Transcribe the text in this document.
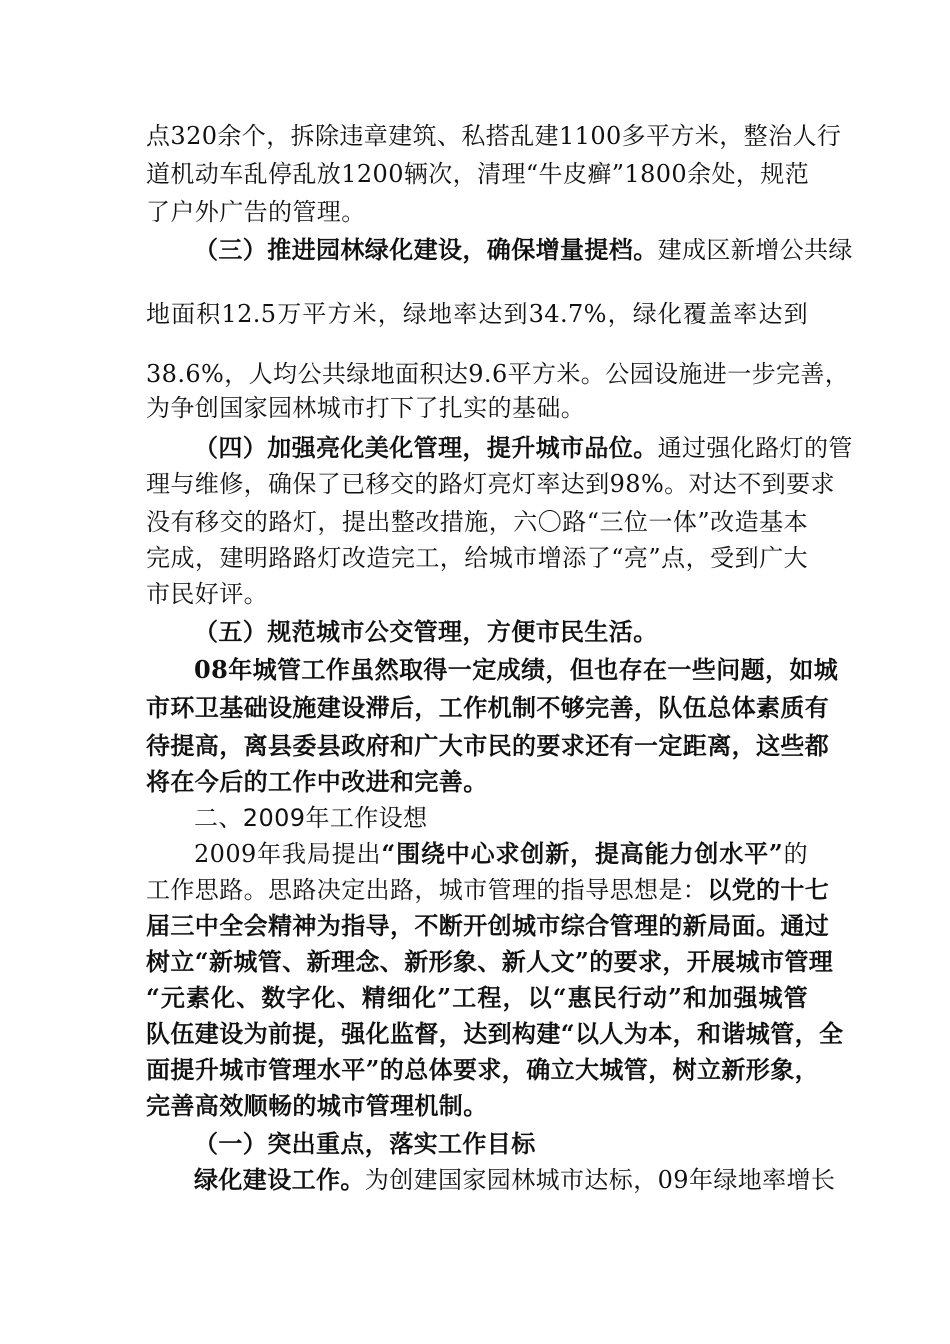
点320余个，拆除违章建筑、私搭乱建1100多平方米，整治人行
道机动车乱停乱放1200辆次，清理“牛皮癣”1800余处，规范
了户外广告的管理。
（三）推进园林绿化建设，确保增量提档。建成区新增公共绿
地面积12.5万平方米，绿地率达到34.7%，绿化覆盖率达到
38.6%，人均公共绿地面积达9.6平方米。公园设施进一步完善，
为争创国家园林城市打下了扎实的基础。
（四）加强亮化美化管理，提升城市品位。通过强化路灯的管
理与维修，确保了已移交的路灯亮灯率达到98%。对达不到要求
没有移交的路灯，提出整改措施，六〇路“三位一体”改造基本
完成，建明路路灯改造完工，给城市增添了“亮”点，受到广大
市民好评。
（五）规范城市公交管理，方便市民生活。
08年城管工作虽然取得一定成绩，但也存在一些问题，如城
市环卫基础设施建设滞后，工作机制不够完善，队伍总体素质有
待提高，离县委县政府和广大市民的要求还有一定距离，这些都
将在今后的工作中改进和完善。
二、2009年工作设想
2009年我局提出“围绕中心求创新，提高能力创水平”的
工作思路。思路决定出路，城市管理的指导思想是：以党的十七
届三中全会精神为指导，不断开创城市综合管理的新局面。通过
树立“新城管、新理念、新形象、新人文”的要求，开展城市管理
“元素化、数字化、精细化”工程，以“惠民行动”和加强城管
队伍建设为前提，强化监督，达到构建“以人为本，和谐城管，全
面提升城市管理水平”的总体要求，确立大城管，树立新形象，
完善高效顺畅的城市管理机制。
（一）突出重点，落实工作目标
绿化建设工作。为创建国家园林城市达标，09年绿地率增长
